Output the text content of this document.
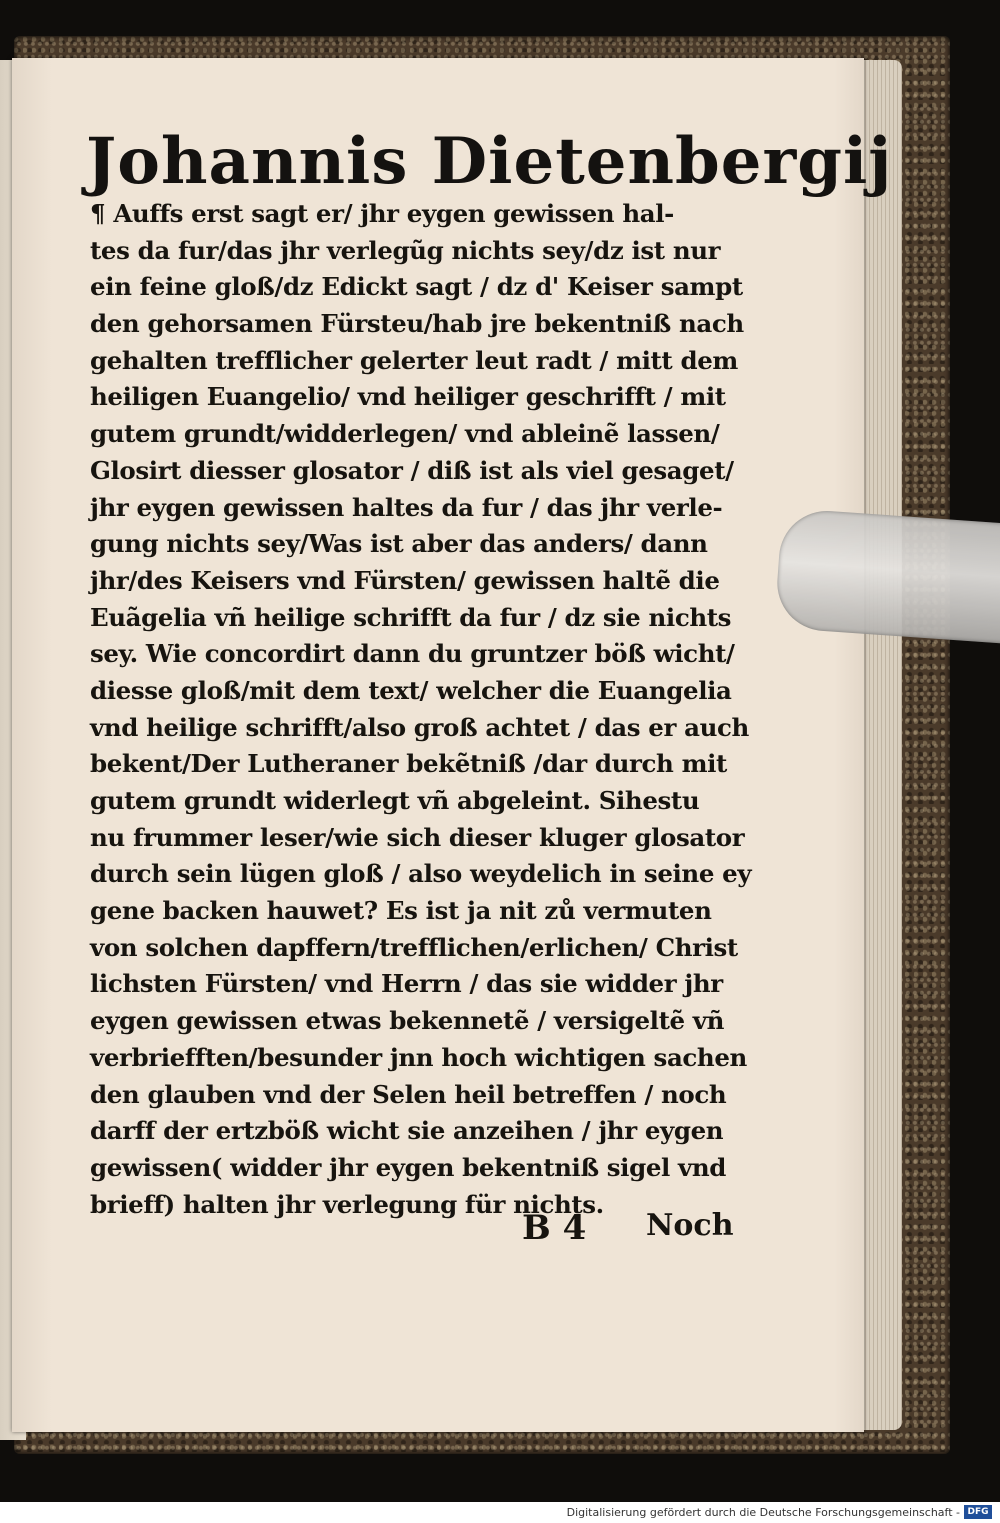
Johannis Dietenbergij
¶ Auffs erst sagt er/ jhr eygen gewissen hal-
tes da fur/das jhr verlegũg nichts sey/dz ist nur
ein feine gloß/dz Edickt sagt / dz d' Keiser sampt
den gehorsamen Fürsteu/hab jre bekentniß nach
gehalten trefflicher gelerter leut radt / mitt dem
heiligen Euangelio/ vnd heiliger geschrifft / mit
gutem grundt/widderlegen/ vnd ableinẽ lassen/
Glosirt diesser glosator / diß ist als viel gesaget/
jhr eygen gewissen haltes da fur / das jhr verle-
gung nichts sey/Was ist aber das anders/ dann
jhr/des Keisers vnd Fürsten/ gewissen haltẽ die
Euãgelia vñ heilige schrifft da fur / dz sie nichts
sey. Wie concordirt dann du gruntzer böß wicht/
diesse gloß/mit dem text/ welcher die Euangelia
vnd heilige schrifft/also groß achtet / das er auch
bekent/Der Lutheraner bekẽtniß /dar durch mit
gutem grundt widerlegt vñ abgeleint. Sihestu
nu frummer leser/wie sich dieser kluger glosator
durch sein lügen gloß / also weydelich in seine ey
gene backen hauwet? Es ist ja nit zů vermuten
von solchen dapffern/trefflichen/erlichen/ Christ
lichsten Fürsten/ vnd Herrn / das sie widder jhr
eygen gewissen etwas bekennetẽ / versigeltẽ vñ
verbriefften/besunder jnn hoch wichtigen sachen
den glauben vnd der Selen heil betreffen / noch
darff der ertzböß wicht sie anzeihen / jhr eygen
gewissen( widder jhr eygen bekentniß sigel vnd
brieff) halten jhr verlegung für nichts.
B 4 Noch
Digitalisierung gefördert durch die Deutsche Forschungsgemeinschaft - DFG
